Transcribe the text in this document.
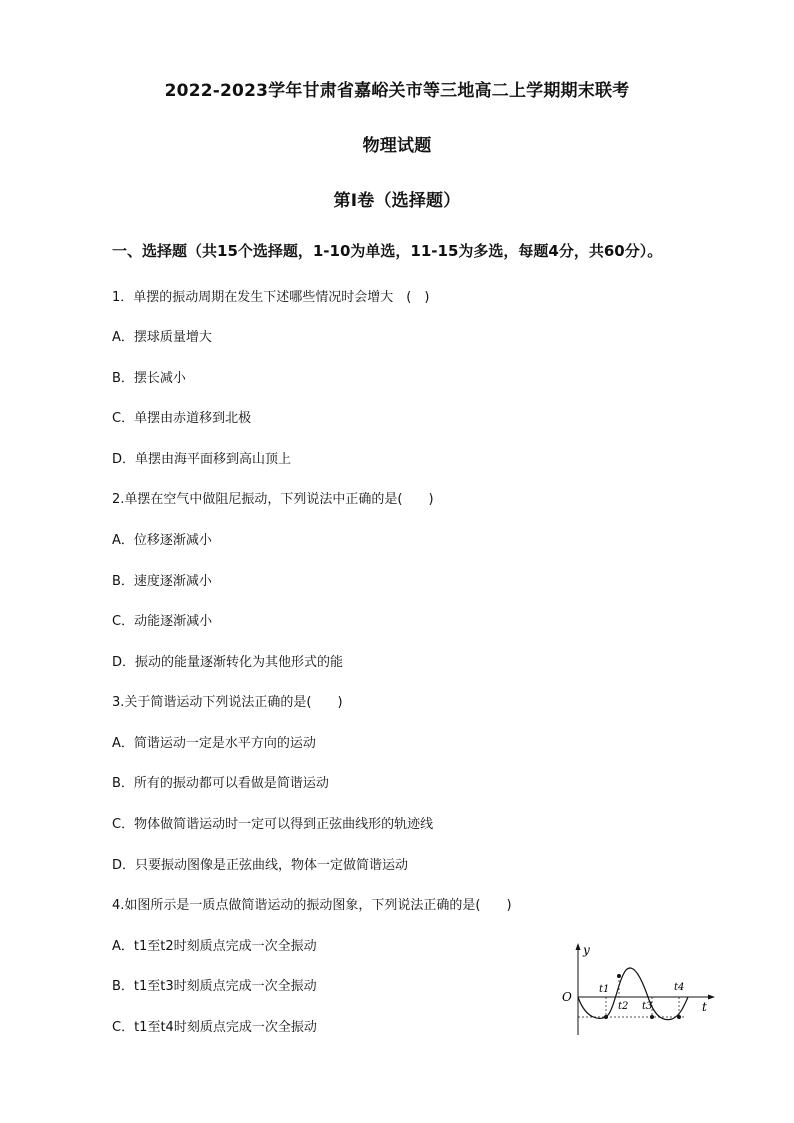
2022-2023学年甘肃省嘉峪关市等三地高二上学期期末联考
物理试题
第Ⅰ卷（选择题）
一、选择题（共15个选择题，1-10为单选，11-15为多选，每题4分，共60分）。
1．单摆的振动周期在发生下述哪些情况时会增大　(　)
A．摆球质量增大
B．摆长减小
C．单摆由赤道移到北极
D．单摆由海平面移到高山顶上
2.单摆在空气中做阻尼振动，下列说法中正确的是(　　)
A．位移逐渐减小
B．速度逐渐减小
C．动能逐渐减小
D．振动的能量逐渐转化为其他形式的能
3.关于简谐运动下列说法正确的是(　　)
A．简谐运动一定是水平方向的运动
B．所有的振动都可以看做是简谐运动
C．物体做简谐运动时一定可以得到正弦曲线形的轨迹线
D．只要振动图像是正弦曲线，物体一定做简谐运动
4.如图所示是一质点做简谐运动的振动图象，下列说法正确的是(　　)
A．t1至t2时刻质点完成一次全振动
B．t1至t3时刻质点完成一次全振动
C．t1至t4时刻质点完成一次全振动
y
t
O
t1
t2 t3
t4
